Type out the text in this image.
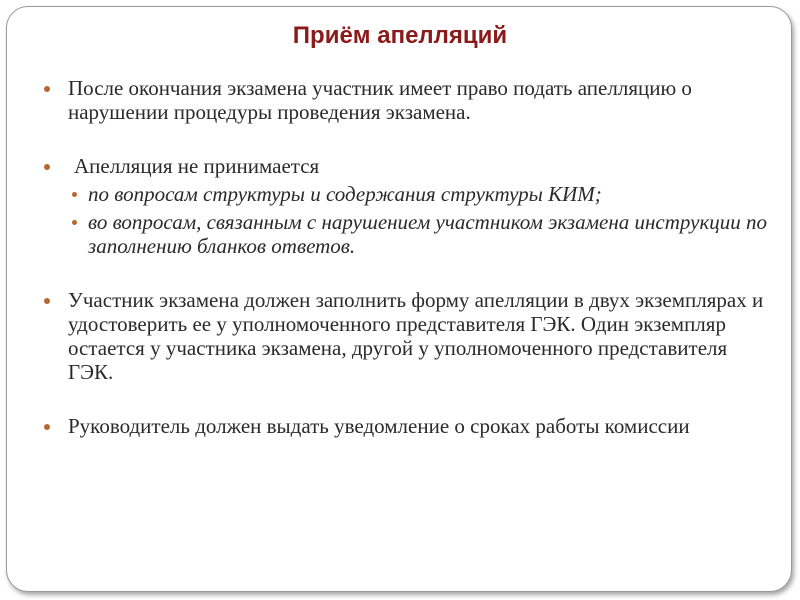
Приём апелляций
После окончания экзамена участник имеет право подать апелляцию о нарушении процедуры проведения экзамена.
Апелляция не принимается
по вопросам структуры и содержания структуры КИМ;
во вопросам, связанным с нарушением участником экзамена инструкции по заполнению бланков ответов.
Участник экзамена должен заполнить форму апелляции в двух экземплярах и удостоверить ее у уполномоченного представителя ГЭК. Один экземпляр остается у участника экзамена, другой у уполномоченного представителя ГЭК.
Руководитель должен выдать уведомление о сроках работы комиссии
